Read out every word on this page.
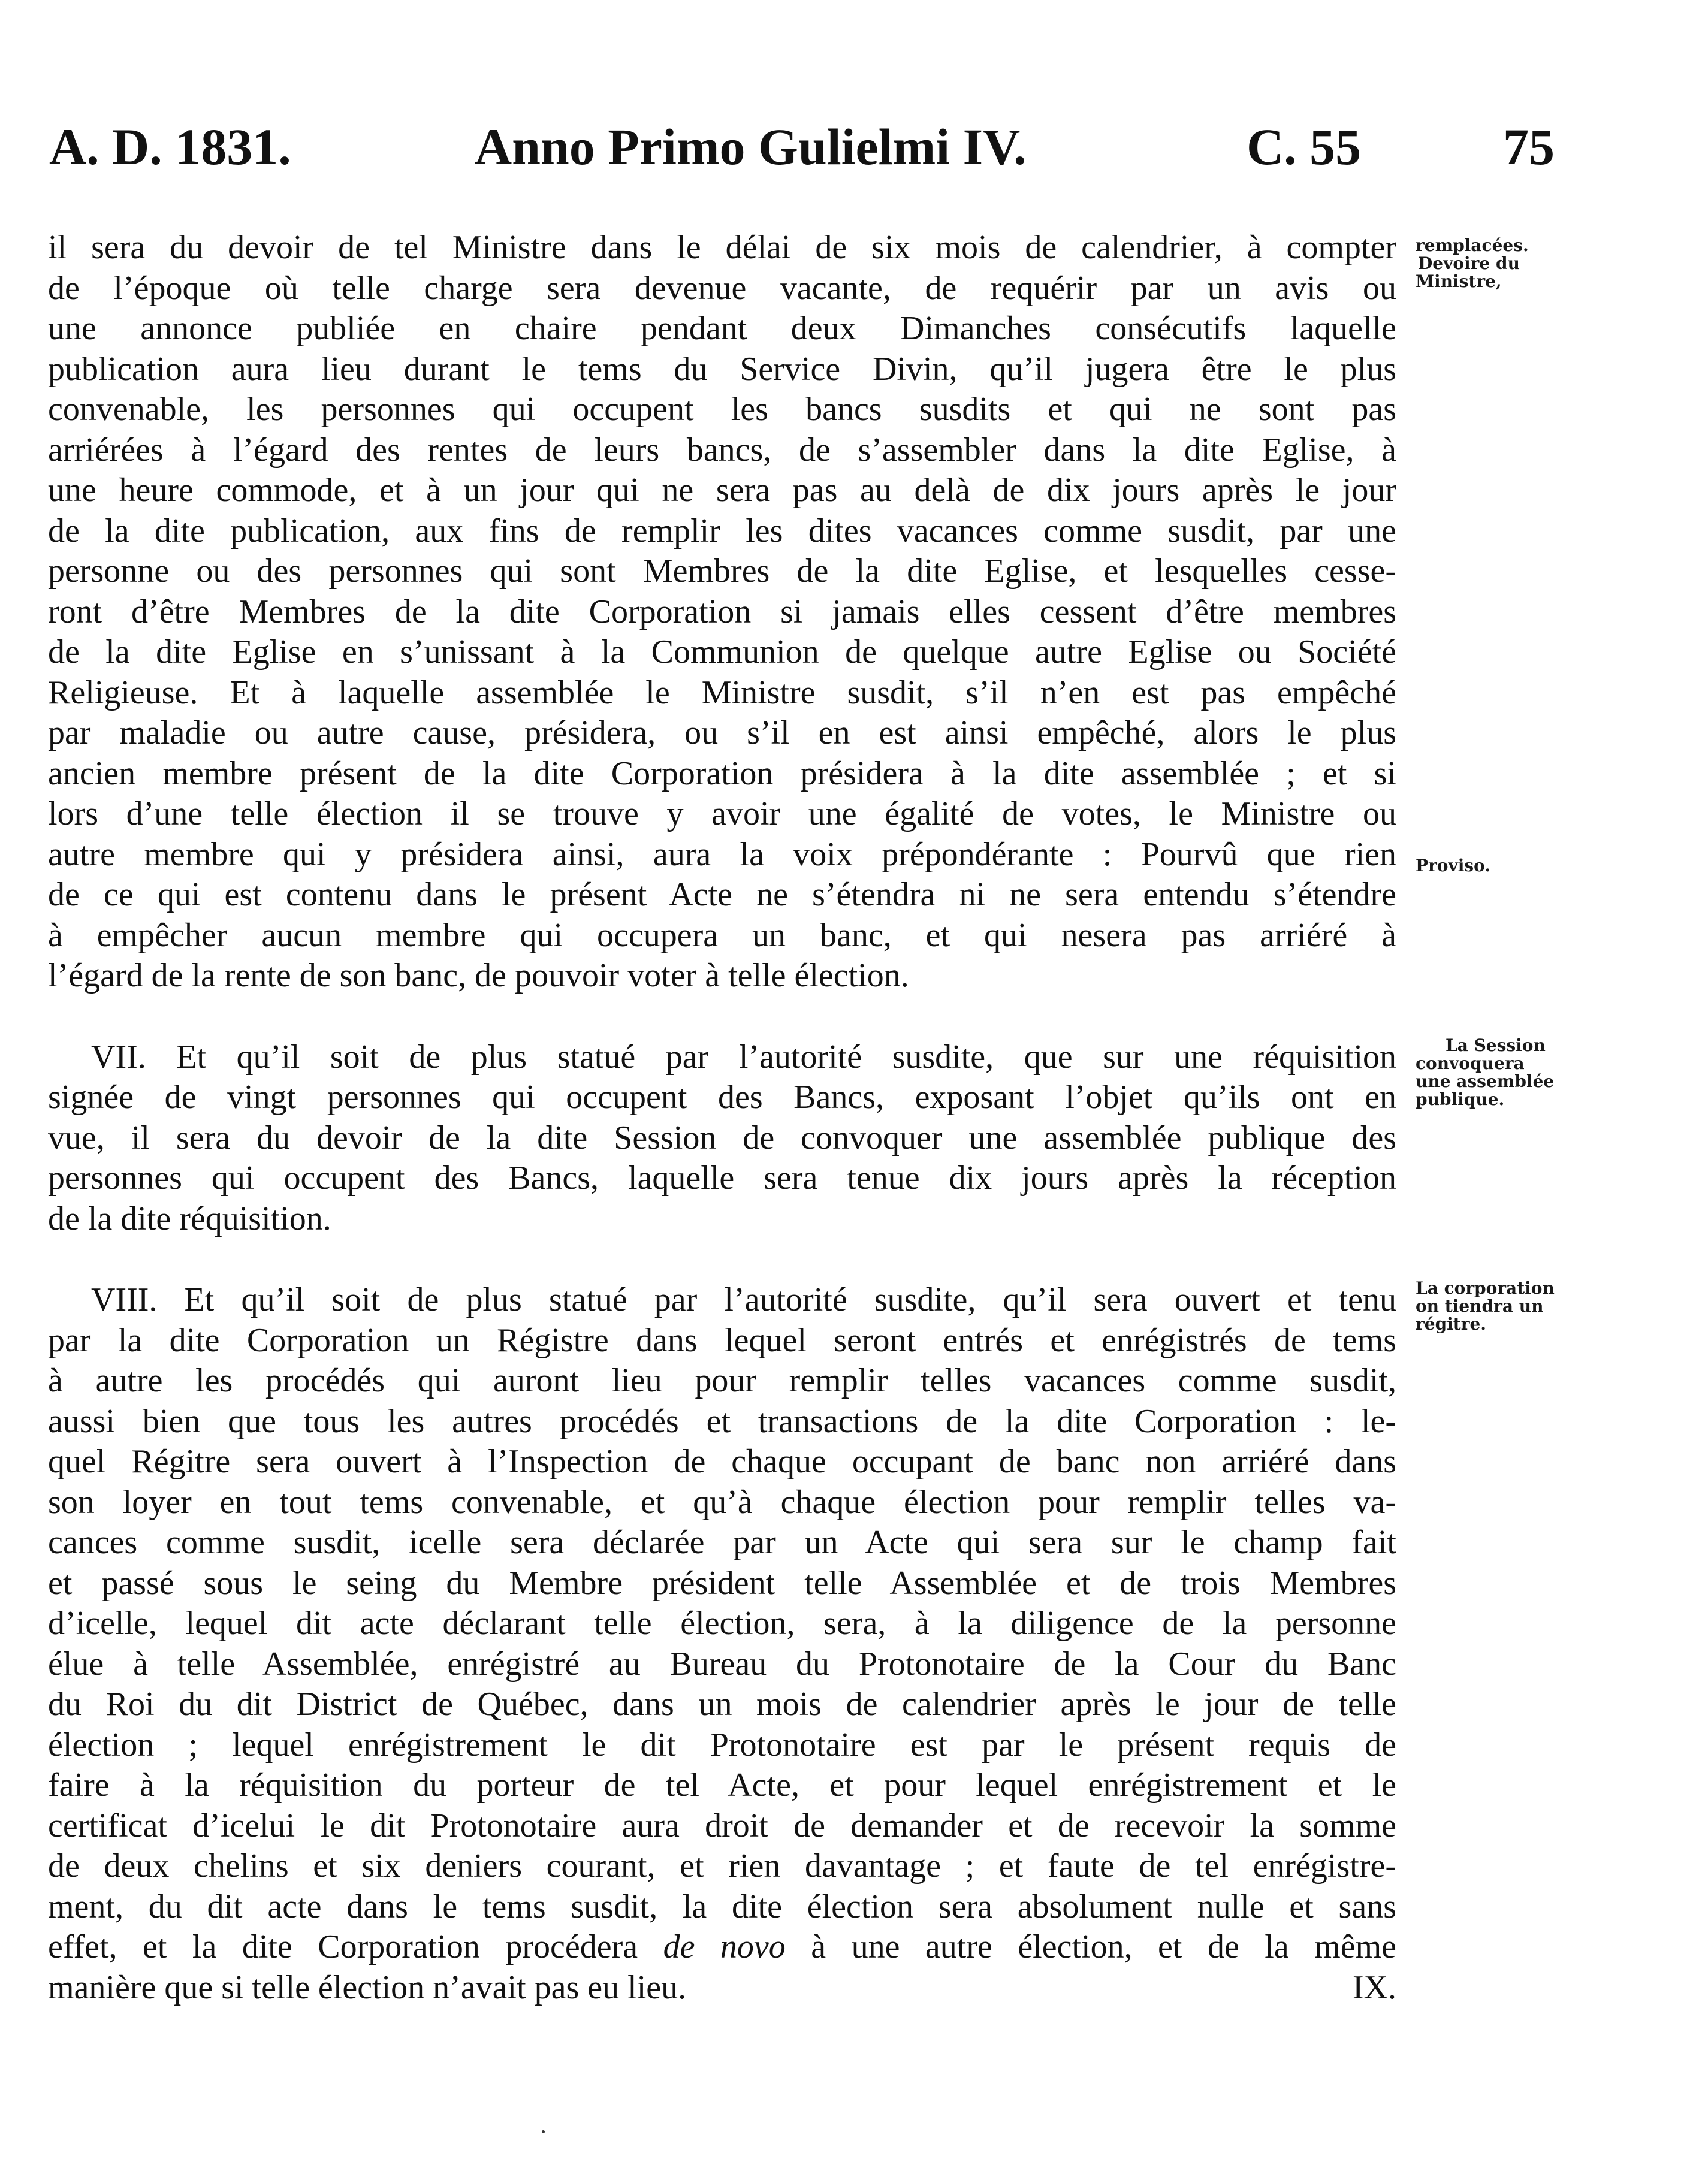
A. D. 1831.	Anno Primo Gulielmi IV.	C. 55	75

il sera du devoir de tel Ministre dans le délai de six mois de calendrier, à compter
de l’époque où telle charge sera devenue vacante, de requérir par un avis ou
une annonce publiée en chaire pendant deux Dimanches consécutifs laquelle
publication aura lieu durant le tems du Service Divin, qu’il jugera être le plus
convenable, les personnes qui occupent les bancs susdits et qui ne sont pas
arriérées à l’égard des rentes de leurs bancs, de s’assembler dans la dite Eglise, à
une heure commode, et à un jour qui ne sera pas au delà de dix jours après le jour
de la dite publication, aux fins de remplir les dites vacances comme susdit, par une
personne ou des personnes qui sont Membres de la dite Eglise, et lesquelles cesse-
ront d’être Membres de la dite Corporation si jamais elles cessent d’être membres
de la dite Eglise en s’unissant à la Communion de quelque autre Eglise ou Société
Religieuse. Et à laquelle assemblée le Ministre susdit, s’il n’en est pas empêché
par maladie ou autre cause, présidera, ou s’il en est ainsi empêché, alors le plus
ancien membre présent de la dite Corporation présidera à la dite assemblée ; et si
lors d’une telle élection il se trouve y avoir une égalité de votes, le Ministre ou
autre membre qui y présidera ainsi, aura la voix prépondérante : Pourvû que rien
de ce qui est contenu dans le présent Acte ne s’étendra ni ne sera entendu s’étendre
à empêcher aucun membre qui occupera un banc, et qui nesera pas arriéré à
l’égard de la rente de son banc, de pouvoir voter à telle élection.

VII. Et qu’il soit de plus statué par l’autorité susdite, que sur une réquisition
signée de vingt personnes qui occupent des Bancs, exposant l’objet qu’ils ont en
vue, il sera du devoir de la dite Session de convoquer une assemblée publique des
personnes qui occupent des Bancs, laquelle sera tenue dix jours après la réception
de la dite réquisition.

VIII. Et qu’il soit de plus statué par l’autorité susdite, qu’il sera ouvert et tenu
par la dite Corporation un Régistre dans lequel seront entrés et enrégistrés de tems
à autre les procédés qui auront lieu pour remplir telles vacances comme susdit,
aussi bien que tous les autres procédés et transactions de la dite Corporation : le-
quel Régitre sera ouvert à l’Inspection de chaque occupant de banc non arriéré dans
son loyer en tout tems convenable, et qu’à chaque élection pour remplir telles va-
cances comme susdit, icelle sera déclarée par un Acte qui sera sur le champ fait
et passé sous le seing du Membre président telle Assemblée et de trois Membres
d’icelle, lequel dit acte déclarant telle élection, sera, à la diligence de la personne
élue à telle Assemblée, enrégistré au Bureau du Protonotaire de la Cour du Banc
du Roi du dit District de Québec, dans un mois de calendrier après le jour de telle
élection ; lequel enrégistrement le dit Protonotaire est par le présent requis de
faire à la réquisition du porteur de tel Acte, et pour lequel enrégistrement et le
certificat d’icelui le dit Protonotaire aura droit de demander et de recevoir la somme
de deux chelins et six deniers courant, et rien davantage ; et faute de tel enrégistre-
ment, du dit acte dans le tems susdit, la dite élection sera absolument nulle et sans
effet, et la dite Corporation procédera de novo à une autre élection, et de la même
manière que si telle élection n’avait pas eu lieu.	IX.

remplacées.
Devoire du
Ministre,
Proviso.
La Session
convoquera
une assemblée
publique.
La corporation
on tiendra un
régitre.
